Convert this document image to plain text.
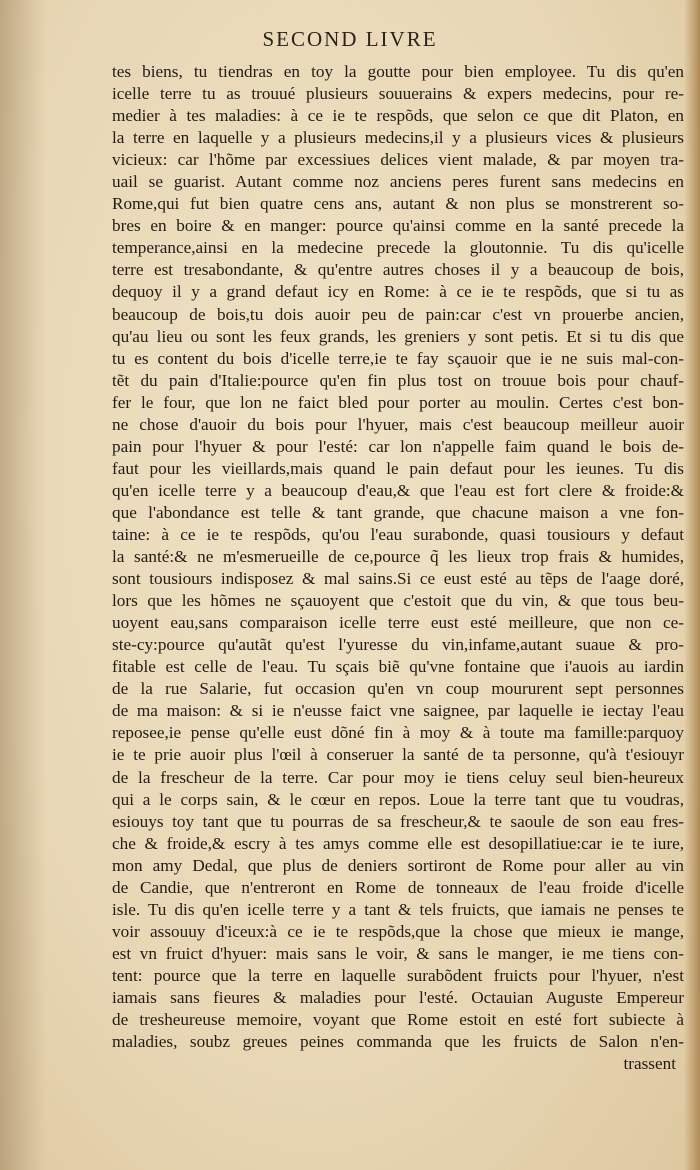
SECOND LIVRE
tes biens, tu tiendras en toy la goutte pour bien employee. Tu dis qu'en
icelle terre tu as trouué plusieurs souuerains & expers medecins, pour re-
medier à tes maladies: à ce ie te respõds, que selon ce que dit Platon, en
la terre en laquelle y a plusieurs medecins,il y a plusieurs vices & plusieurs
vicieux: car l'hõme par excessiues delices vient malade, & par moyen tra-
uail se guarist. Autant comme noz anciens peres furent sans medecins en
Rome,qui fut bien quatre cens ans, autant & non plus se monstrerent so-
bres en boire & en manger: pource qu'ainsi comme en la santé precede la
temperance,ainsi en la medecine precede la gloutonnie. Tu dis qu'icelle
terre est tresabondante, & qu'entre autres choses il y a beaucoup de bois,
dequoy il y a grand defaut icy en Rome: à ce ie te respõds, que si tu as
beaucoup de bois,tu dois auoir peu de pain:car c'est vn prouerbe ancien,
qu'au lieu ou sont les feux grands, les greniers y sont petis. Et si tu dis que
tu es content du bois d'icelle terre,ie te fay sçauoir que ie ne suis mal-con-
tẽt du pain d'Italie:pource qu'en fin plus tost on trouue bois pour chauf-
fer le four, que lon ne faict bled pour porter au moulin. Certes c'est bon-
ne chose d'auoir du bois pour l'hyuer, mais c'est beaucoup meilleur auoir
pain pour l'hyuer & pour l'esté: car lon n'appelle faim quand le bois de-
faut pour les vieillards,mais quand le pain defaut pour les ieunes. Tu dis
qu'en icelle terre y a beaucoup d'eau,& que l'eau est fort clere & froide:&
que l'abondance est telle & tant grande, que chacune maison a vne fon-
taine: à ce ie te respõds, qu'ou l'eau surabonde, quasi tousiours y defaut
la santé:& ne m'esmerueille de ce,pource q̃ les lieux trop frais & humides,
sont tousiours indisposez & mal sains.Si ce eust esté au tẽps de l'aage doré,
lors que les hõmes ne sçauoyent que c'estoit que du vin, & que tous beu-
uoyent eau,sans comparaison icelle terre eust esté meilleure, que non ce-
ste-cy:pource qu'autãt qu'est l'yuresse du vin,infame,autant suaue & pro-
fitable est celle de l'eau. Tu sçais biẽ qu'vne fontaine que i'auois au iardin
de la rue Salarie, fut occasion qu'en vn coup moururent sept personnes
de ma maison: & si ie n'eusse faict vne saignee, par laquelle ie iectay l'eau
reposee,ie pense qu'elle eust dõné fin à moy & à toute ma famille:parquoy
ie te prie auoir plus l'œil à conseruer la santé de ta personne, qu'à t'esiouyr
de la frescheur de la terre. Car pour moy ie tiens celuy seul bien-heureux
qui a le corps sain, & le cœur en repos. Loue la terre tant que tu voudras,
esiouys toy tant que tu pourras de sa frescheur,& te saoule de son eau fres-
che & froide,& escry à tes amys comme elle est desopillatiue:car ie te iure,
mon amy Dedal, que plus de deniers sortiront de Rome pour aller au vin
de Candie, que n'entreront en Rome de tonneaux de l'eau froide d'icelle
isle. Tu dis qu'en icelle terre y a tant & tels fruicts, que iamais ne penses te
voir assouuy d'iceux:à ce ie te respõds,que la chose que mieux ie mange,
est vn fruict d'hyuer: mais sans le voir, & sans le manger, ie me tiens con-
tent: pource que la terre en laquelle surabõdent fruicts pour l'hyuer, n'est
iamais sans fieures & maladies pour l'esté. Octauian Auguste Empereur
de tresheureuse memoire, voyant que Rome estoit en esté fort subiecte à
maladies, soubz greues peines commanda que les fruicts de Salon n'en-
trassent
